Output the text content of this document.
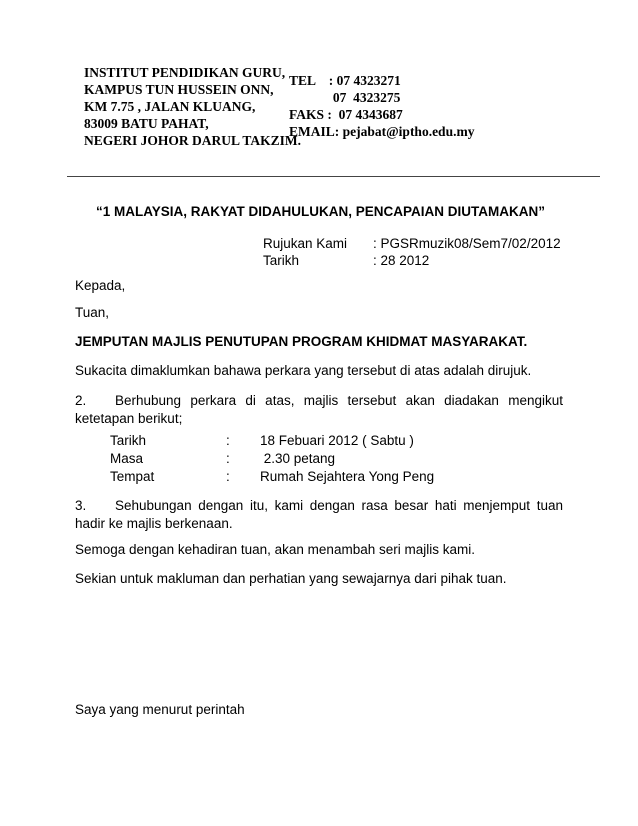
INSTITUT PENDIDIKAN GURU,
KAMPUS TUN HUSSEIN ONN,
KM 7.75 , JALAN KLUANG,
83009 BATU PAHAT,
NEGERI JOHOR DARUL TAKZIM.
TEL    : 07 4323271
07  4323275
FAKS :  07 4343687
EMAIL: pejabat@iptho.edu.my
“1 MALAYSIA, RAKYAT DIDAHULUKAN, PENCAPAIAN DIUTAMAKAN”
Rujukan Kami : PGSRmuzik08/Sem7/02/2012
Tarikh	: 28 2012
Kepada,
Tuan,
JEMPUTAN MAJLIS PENUTUPAN PROGRAM KHIDMAT MASYARAKAT.
Sukacita dimaklumkan bahawa perkara yang tersebut di atas adalah dirujuk.
2. Berhubung perkara di atas, majlis tersebut akan diadakan mengikut ketetapan berikut;
Tarikh	: 18 Febuari 2012 ( Sabtu )
Masa	: 2.30 petang
Tempat	: Rumah Sejahtera Yong Peng
3. Sehubungan dengan itu, kami dengan rasa besar hati menjemput tuan hadir ke majlis berkenaan.
Semoga dengan kehadiran tuan, akan menambah seri majlis kami.
Sekian untuk makluman dan perhatian yang sewajarnya dari pihak tuan.
Saya yang menurut perintah
